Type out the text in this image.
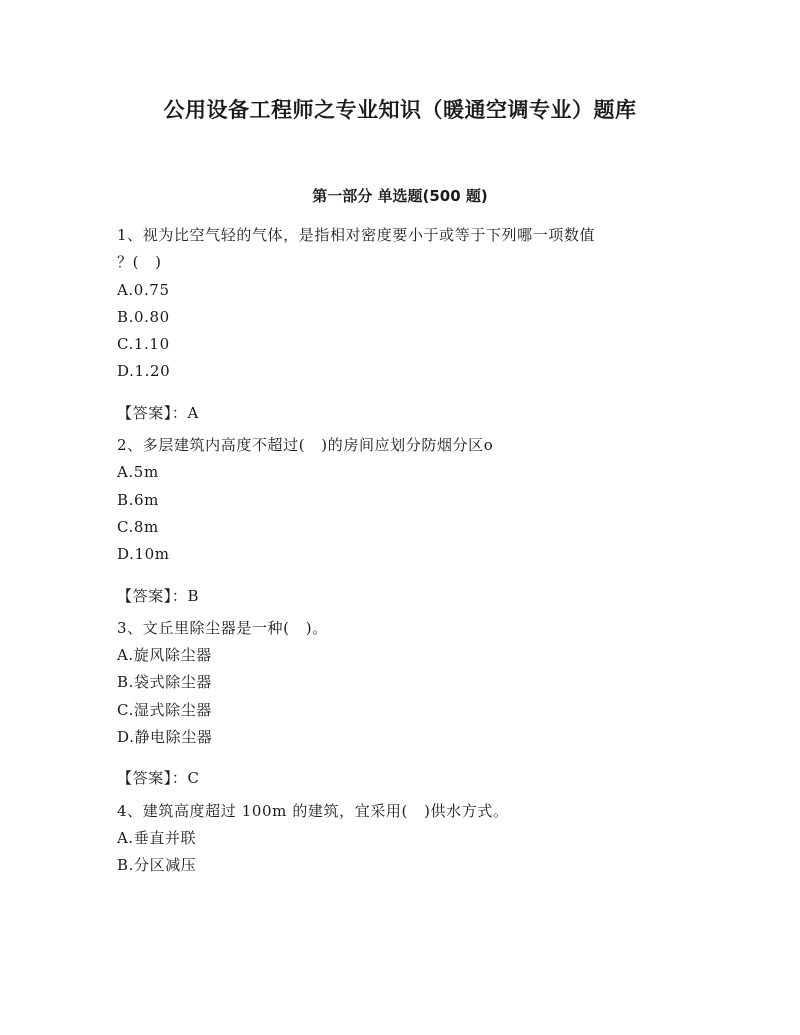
公用设备工程师之专业知识（暖通空调专业）题库
第一部分 单选题(500 题)
1、视为比空气轻的气体，是指相对密度要小于或等于下列哪一项数值
？(   )
A.0.75
B.0.80
C.1.10
D.1.20
【答案】：A
2、多层建筑内高度不超过(   )的房间应划分防烟分区o
A.5m
B.6m
C.8m
D.10m
【答案】：B
3、文丘里除尘器是一种(   )。
A.旋风除尘器
B.袋式除尘器
C.湿式除尘器
D.静电除尘器
【答案】：C
4、建筑高度超过 100m 的建筑，宜采用(   )供水方式。
A.垂直并联
B.分区减压
